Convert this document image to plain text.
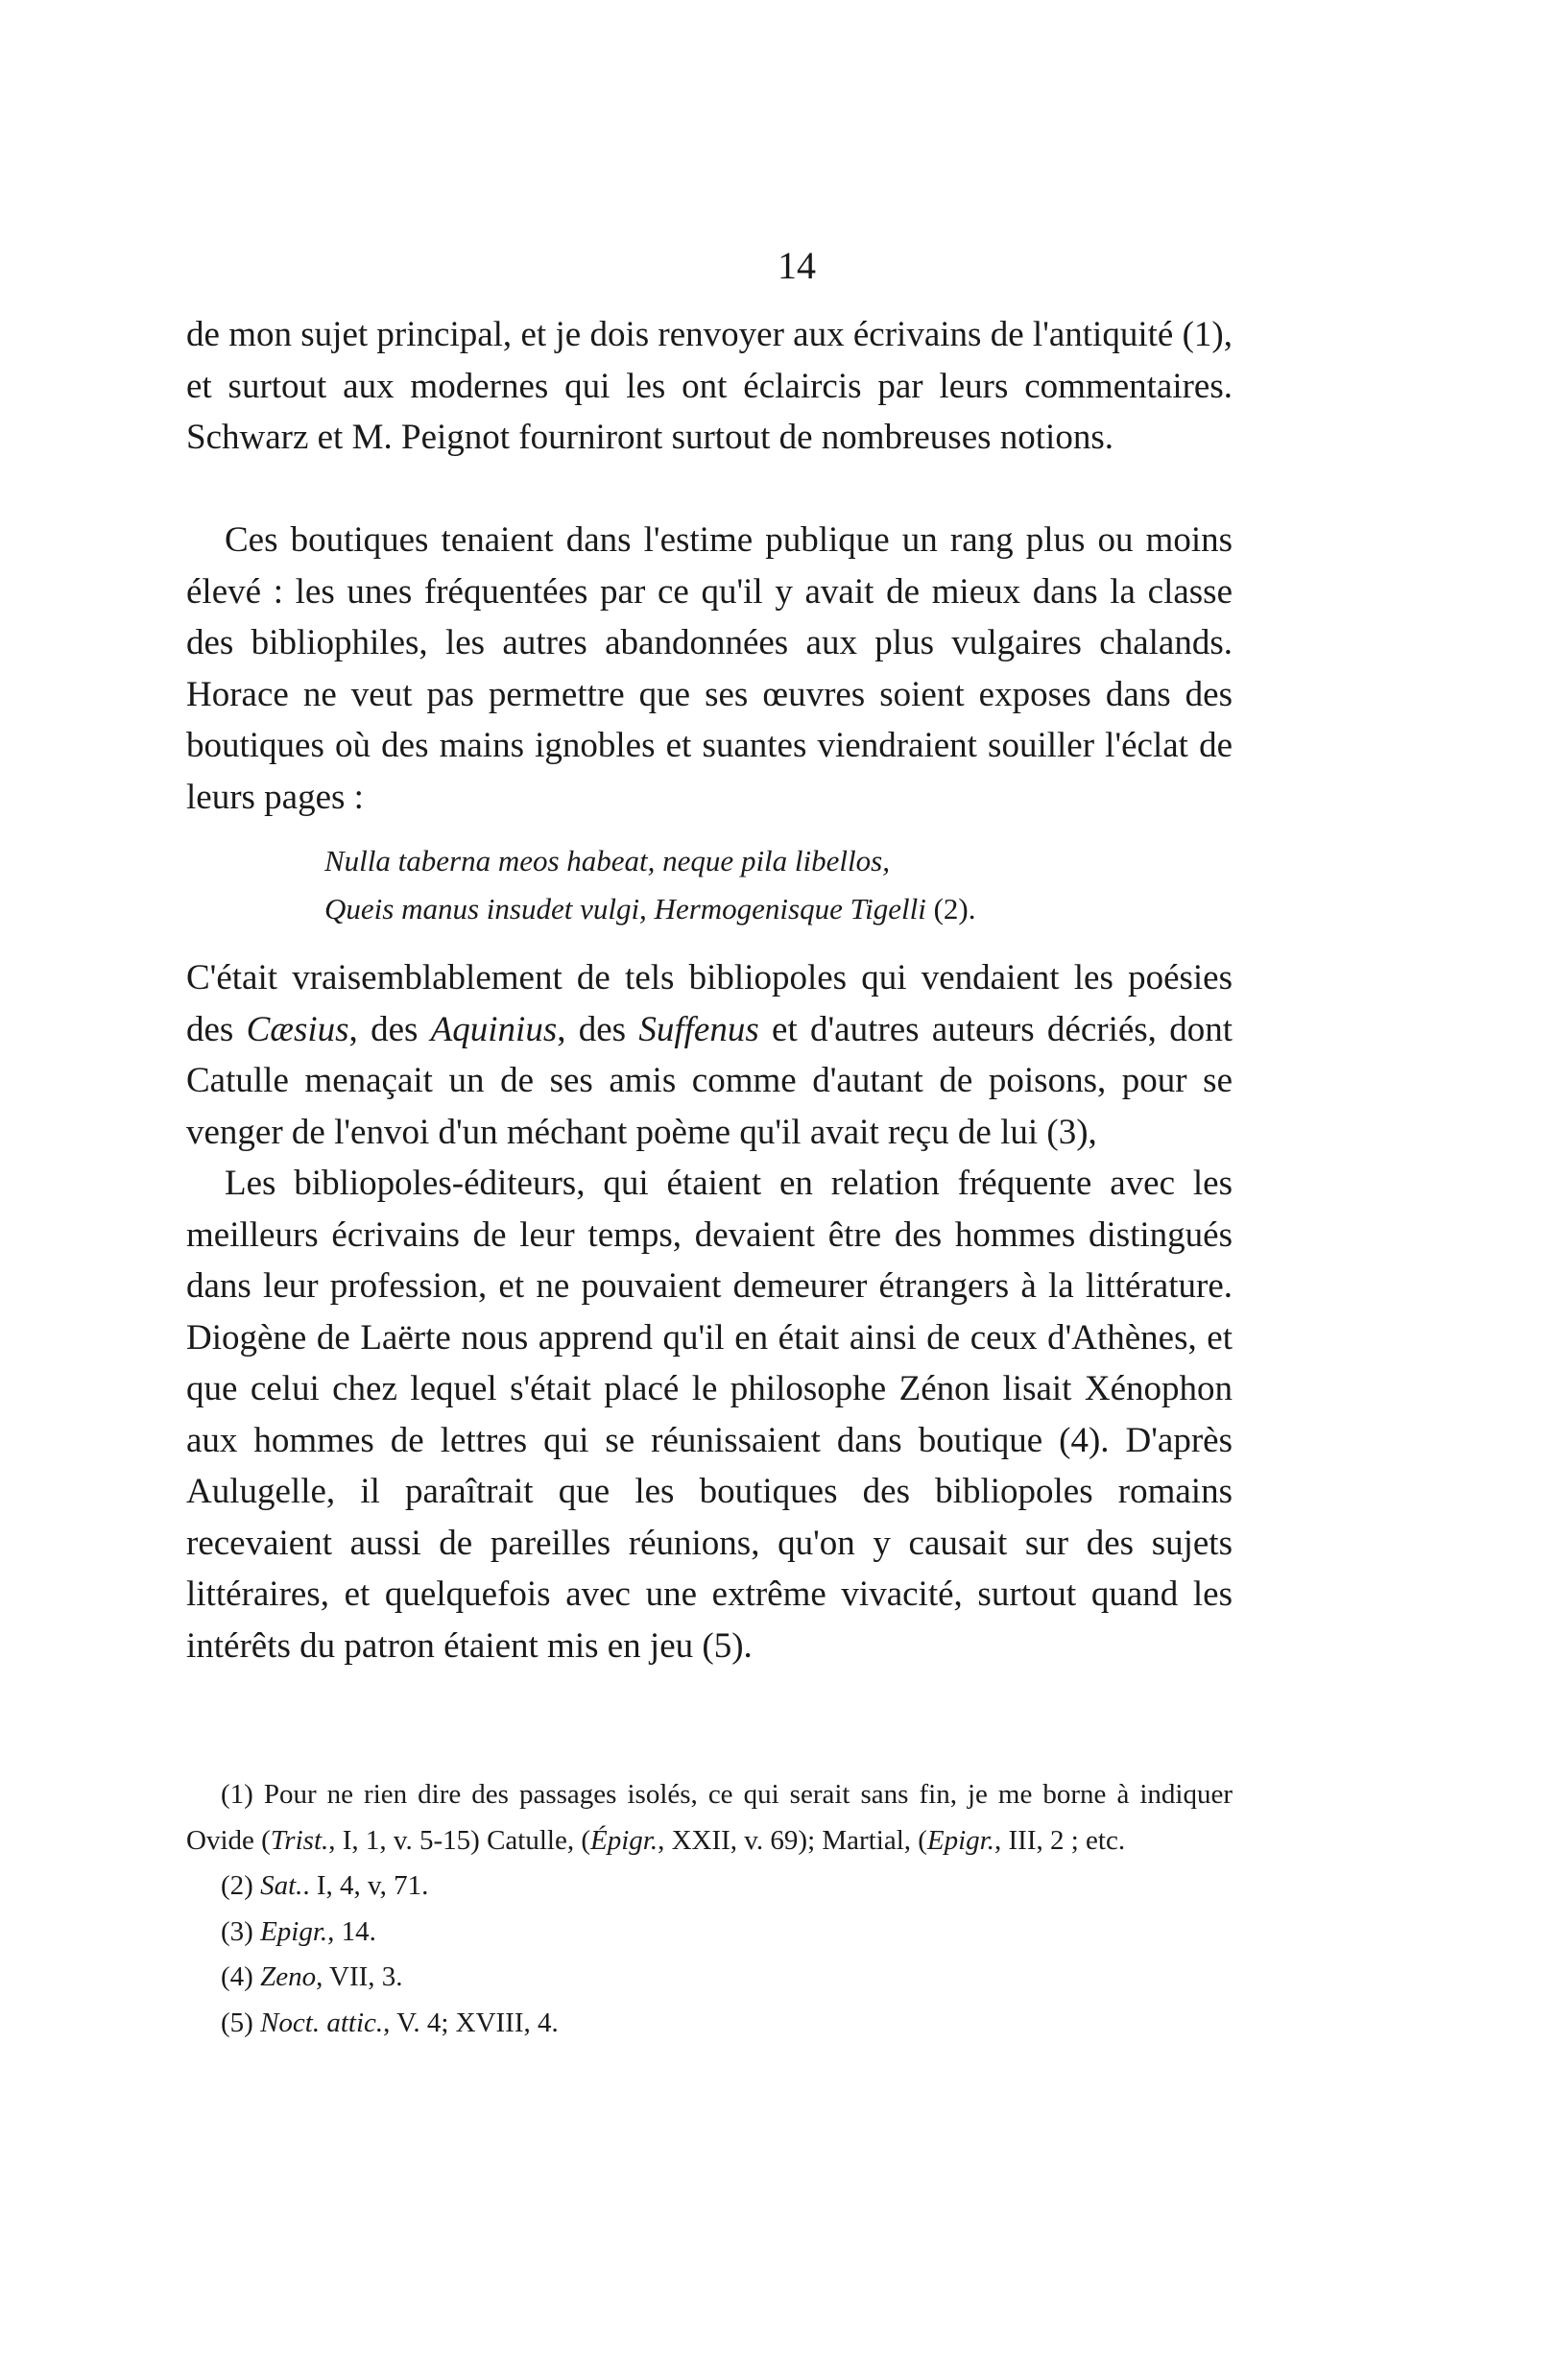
14

de mon sujet principal, et je dois renvoyer aux écrivains de l'antiquité (1), et surtout aux modernes qui les ont éclaircis par leurs commentaires. Schwarz et M. Peignot fourniront surtout de nombreuses notions.

Ces boutiques tenaient dans l'estime publique un rang plus ou moins élevé : les unes fréquentées par ce qu'il y avait de mieux dans la classe des bibliophiles, les autres abandonnées aux plus vulgaires chalands. Horace ne veut pas permettre que ses œuvres soient exposes dans des boutiques où des mains ignobles et suantes viendraient souiller l'éclat de leurs pages :

Nulla taberna meos habeat, neque pila libellos,
Queis manus insudet vulgi, Hermogenisque Tigelli (2).

C'était vraisemblablement de tels bibliopoles qui vendaient les poésies des Cæsius, des Aquinius, des Suffenus et d'autres auteurs décriés, dont Catulle menaçait un de ses amis comme d'autant de poisons, pour se venger de l'envoi d'un méchant poème qu'il avait reçu de lui (3),

Les bibliopoles-éditeurs, qui étaient en relation fréquente avec les meilleurs écrivains de leur temps, devaient être des hommes distingués dans leur profession, et ne pouvaient demeurer étrangers à la littérature. Diogène de Laërte nous apprend qu'il en était ainsi de ceux d'Athènes, et que celui chez lequel s'était placé le philosophe Zénon lisait Xénophon aux hommes de lettres qui se réunissaient dans boutique (4). D'après Aulugelle, il paraîtrait que les boutiques des bibliopoles romains recevaient aussi de pareilles réunions, qu'on y causait sur des sujets littéraires, et quelquefois avec une extrême vivacité, surtout quand les intérêts du patron étaient mis en jeu (5).

(1) Pour ne rien dire des passages isolés, ce qui serait sans fin, je me borne à indiquer Ovide (Trist., I, 1, v. 5-15) Catulle, (Épigr., XXII, v. 69); Martial, (Epigr., III, 2 ; etc.

(2) Sat.. I, 4, v, 71.

(3) Epigr., 14.

(4) Zeno, VII, 3.

(5) Noct. attic., V. 4; XVIII, 4.
